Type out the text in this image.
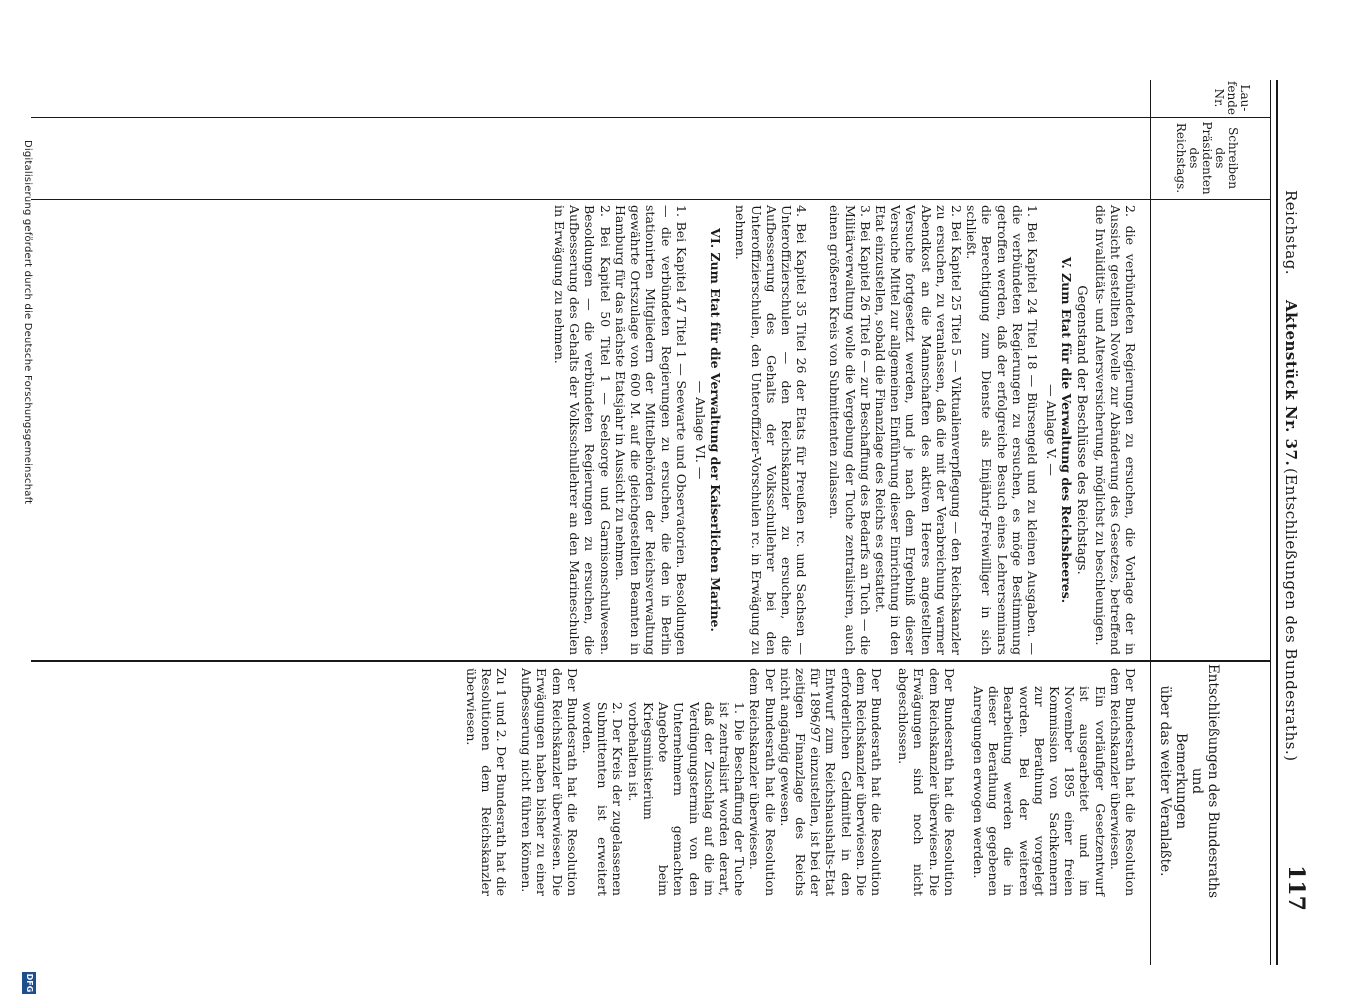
Reichstag.
Aktenstück Nr. 37.
(Entschließungen des Bundesraths.)
117
Lau-
fende
Nr.
Schreiben
des
Präsidenten
des
Reichstags.
Gegenstand der Beschlüsse des Reichstags.
Entschließungen des Bundesraths
und
Bemerkungen
über das weiter Veranlaßte.

2. die verbündeten Regierungen zu ersuchen, die Vorlage der in Aussicht gestellten Novelle zur Abänderung des Gesetzes, betreffend die Invaliditäts- und Altersversicherung, möglichst zu beschleunigen.

V. Zum Etat für die Verwaltung des Reichsheeres.

— Anlage V. —

1. Bei Kapitel 24 Titel 18 — Bürsengeld und zu kleinen Ausgaben. — die verbündeten Regierungen zu ersuchen, es möge Bestimmung getroffen werden, daß der erfolgreiche Besuch eines Lehrerseminars die Berechtigung zum Dienste als Einjährig-Freiwilliger in sich schließt.

2. Bei Kapitel 25 Titel 5 — Viktualienverpflegung — den Reichskanzler zu ersuchen, zu veranlassen, daß die mit der Verabreichung warmer Abendkost an die Mannschaften des aktiven Heeres angestellten Versuche fortgesetzt werden, und je nach dem Ergebniß dieser Versuche Mittel zur allgemeinen Einführung dieser Einrichtung in den Etat einzustellen, sobald die Finanzlage des Reichs es gestattet.

3. Bei Kapitel 26 Titel 6 — zur Beschaffung des Bedarfs an Tuch — die Militärverwaltung wolle die Vergebung der Tuche zentralisiren, auch einen größeren Kreis von Submittenten zulassen.

4. Bei Kapitel 35 Titel 26 der Etats für Preußen rc. und Sachsen — Unteroffizierschulen — den Reichskanzler zu ersuchen, die Aufbesserung des Gehalts der Volksschullehrer bei den Unteroffizierschulen, den Unteroffizier-Vorschulen rc. in Erwägung zu nehmen.

VI. Zum Etat für die Verwaltung der Kaiserlichen Marine.

— Anlage VI. —

1. Bei Kapitel 47 Titel 1 — Seewarte und Observatorien. Besoldungen — die verbündeten Regierungen zu ersuchen, die den in Berlin stationirten Mitgliedern der Mittelbehörden der Reichsverwaltung gewährte Ortszulage von 600 M. auf die gleichgestellten Beamten in Hamburg für das nächste Etatsjahr in Aussicht zu nehmen.

2. Bei Kapitel 50 Titel 1 — Seelsorge und Garnisonschulwesen. Besoldungen — die verbündeten Regierungen zu ersuchen, die Aufbesserung des Gehalts der Volksschullehrer an den Marineschulen in Erwägung zu nehmen.

Der Bundesrath hat die Resolution dem Reichskanzler überwiesen.

Ein vorläufiger Gesetzentwurf ist ausgearbeitet und im November 1895 einer freien Kommission von Sachkennern zur Berathung vorgelegt worden. Bei der weiteren Bearbeitung werden die in dieser Berathung gegebenen Anregungen erwogen werden.

Der Bundesrath hat die Resolution dem Reichskanzler überwiesen. Die Erwägungen sind noch nicht abgeschlossen.

Der Bundesrath hat die Resolution dem Reichskanzler überwiesen. Die erforderlichen Geldmittel in den Entwurf zum Reichshaushalts-Etat für 1896/97 einzustellen, ist bei der zeitigen Finanzlage des Reichs nicht angängig gewesen.

Der Bundesrath hat die Resolution dem Reichskanzler überwiesen.

1. Die Beschaffung der Tuche ist zentralisirt worden derart, daß der Zuschlag auf die im Verdingungstermin von den Unternehmern gemachten Angebote beim Kriegsministerium vorbehalten ist.

2. Der Kreis der zugelassenen Submittenten ist erweitert worden.

Der Bundesrath hat die Resolution dem Reichskanzler überwiesen. Die Erwägungen haben bisher zu einer Aufbesserung nicht führen können.

Zu 1 und 2. Der Bundesrath hat die Resolutionen dem Reichskanzler überwiesen.

Digitalisierung gefördert durch die Deutsche Forschungsgemeinschaft
DFG
